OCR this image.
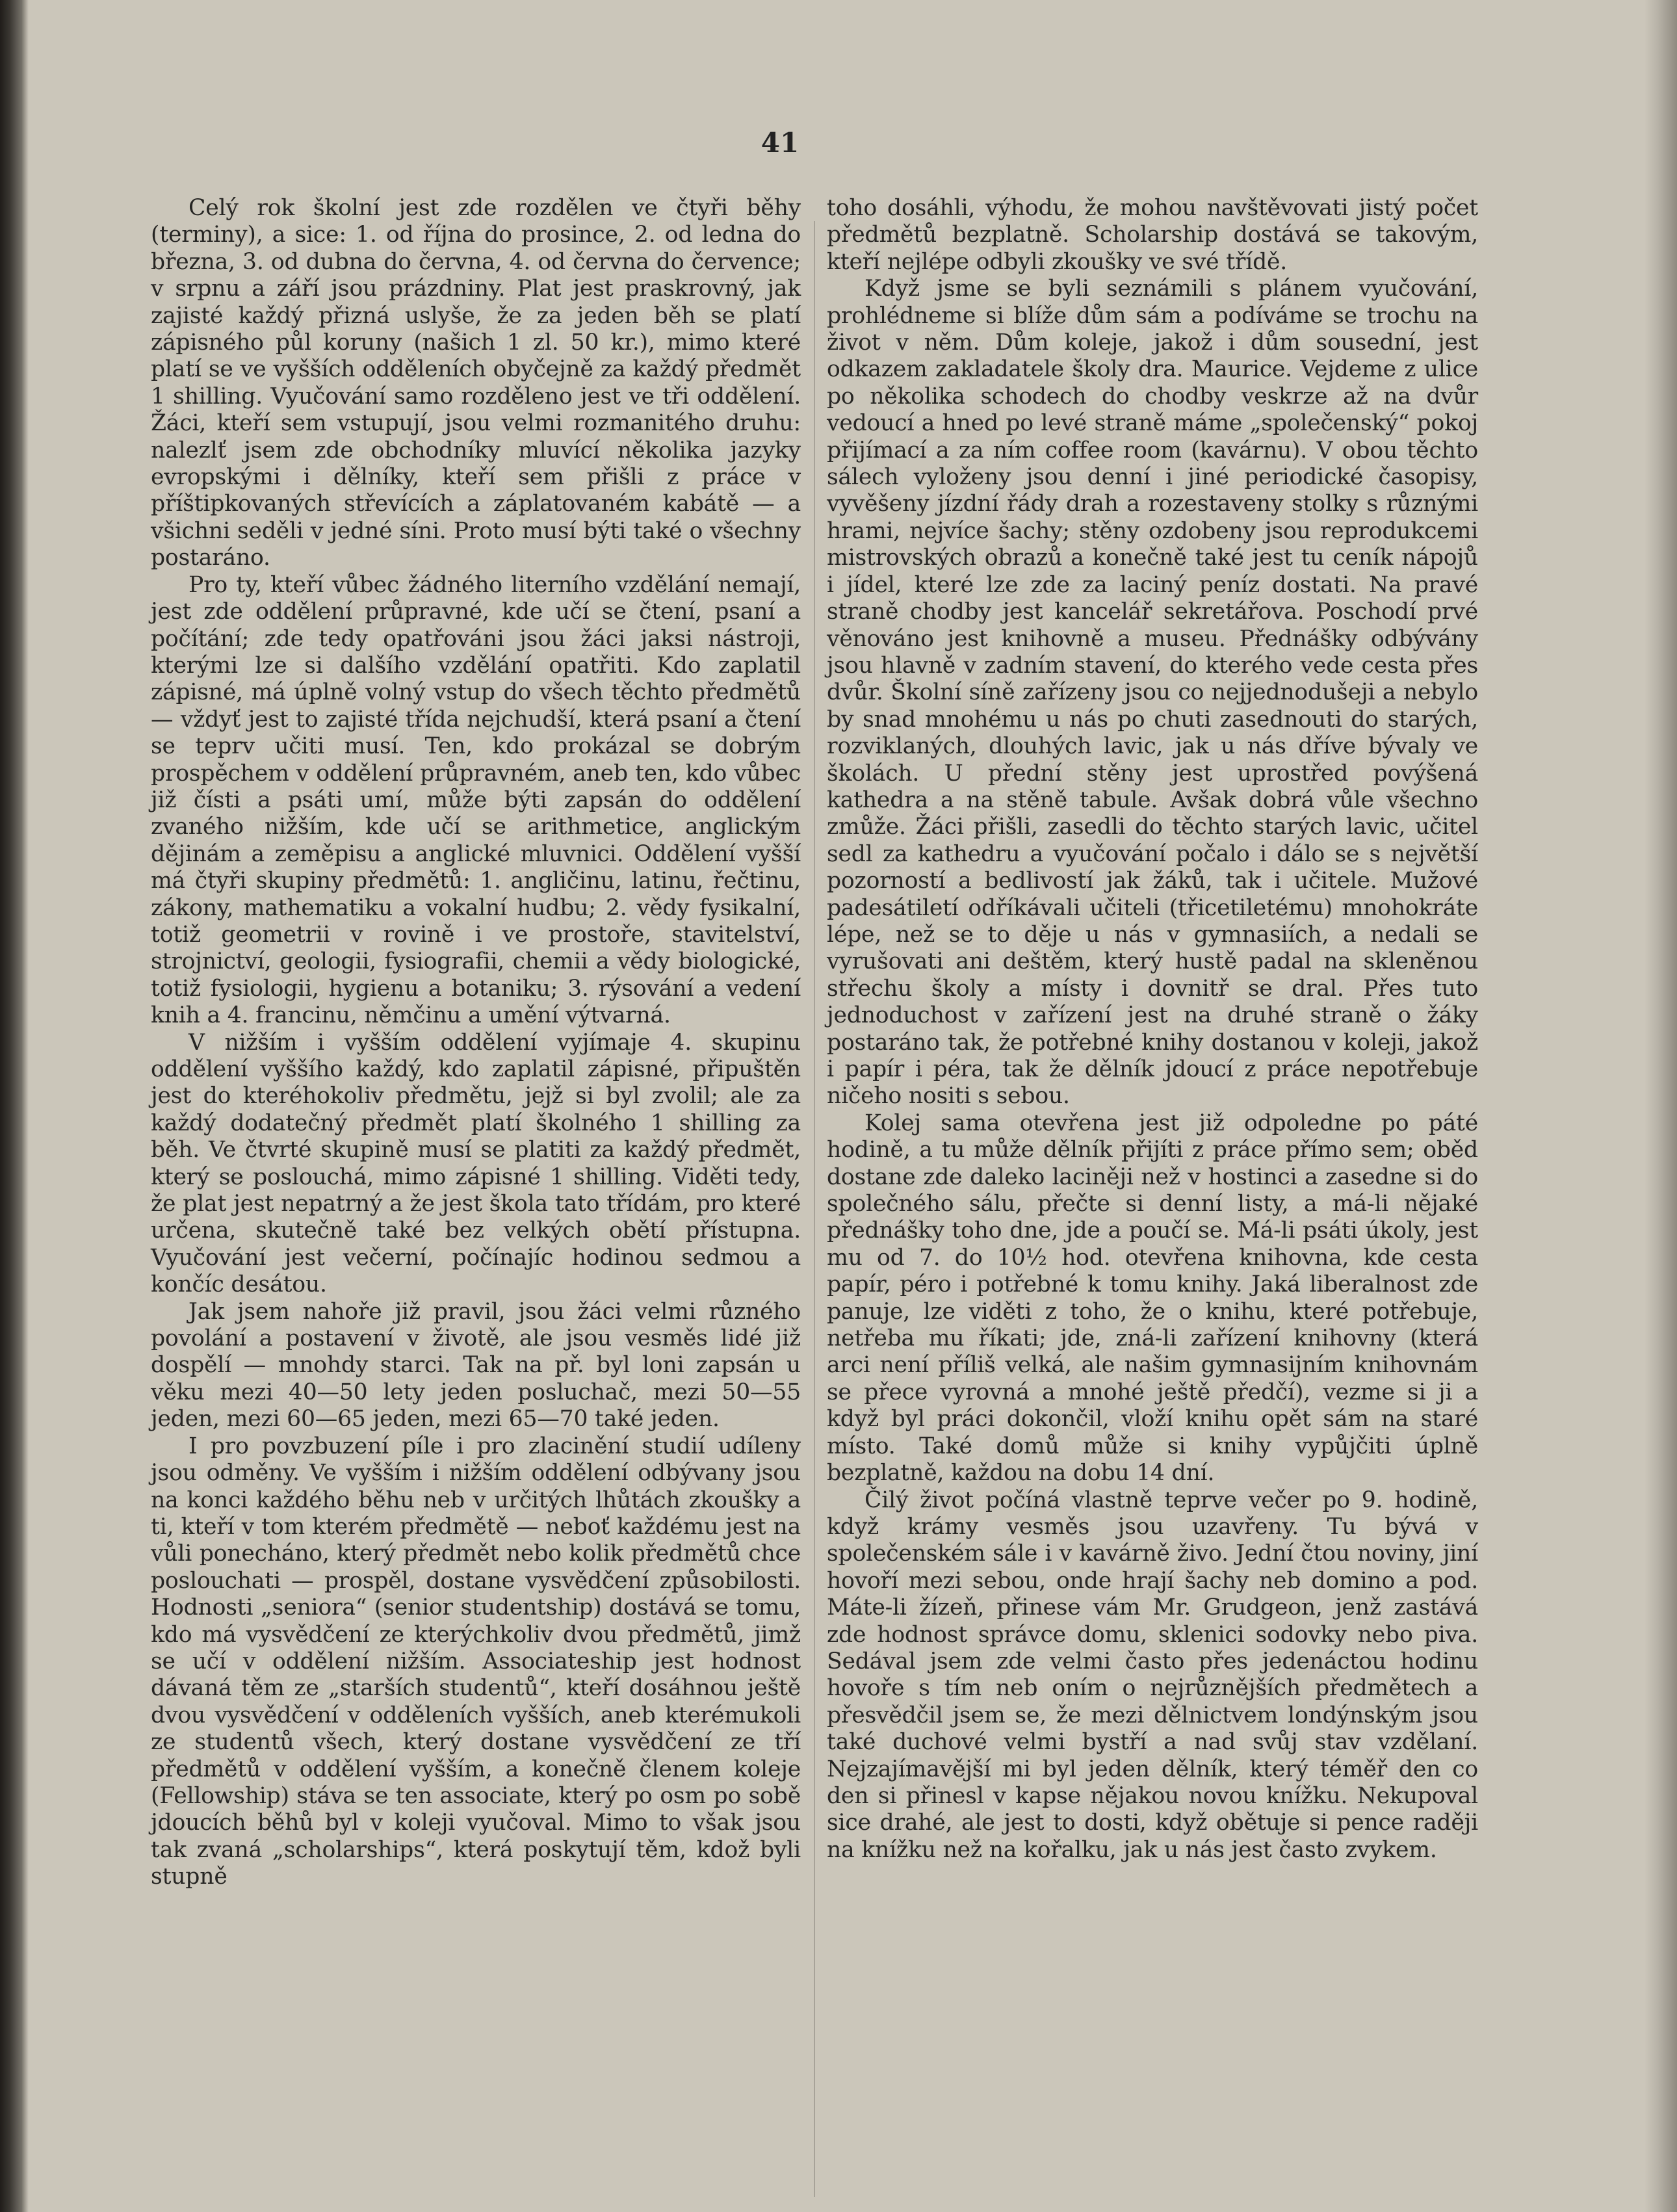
41

Celý rok školní jest zde rozdělen ve čtyři běhy (terminy), a sice: 1. od října do prosince, 2. od ledna do března, 3. od dubna do června, 4. od června do července; v srpnu a září jsou prázdniny. Plat jest praskrovný, jak zajisté každý přizná uslyše, že za jeden běh se platí zápisného půl koruny (našich 1 zl. 50 kr.), mimo které platí se ve vyšších odděleních obyčejně za každý předmět 1 shilling. Vyučování samo rozděleno jest ve tři oddělení. Žáci, kteří sem vstupují, jsou velmi rozmanitého druhu: nalezlť jsem zde obchodníky mluvící několika jazyky evropskými i dělníky, kteří sem přišli z práce v příštipkovaných střevících a záplatovaném kabátě — a všichni seděli v jedné síni. Proto musí býti také o všechny postaráno.

Pro ty, kteří vůbec žádného literního vzdělání nemají, jest zde oddělení průpravné, kde učí se čtení, psaní a počítání; zde tedy opatřováni jsou žáci jaksi nástroji, kterými lze si dalšího vzdělání opatřiti. Kdo zaplatil zápisné, má úplně volný vstup do všech těchto předmětů — vždyť jest to zajisté třída nejchudší, která psaní a čtení se teprv učiti musí. Ten, kdo prokázal se dobrým prospěchem v oddělení průpravném, aneb ten, kdo vůbec již čísti a psáti umí, může býti zapsán do oddělení zvaného nižším, kde učí se arithmetice, anglickým dějinám a zeměpisu a anglické mluvnici. Oddělení vyšší má čtyři skupiny předmětů: 1. angličinu, latinu, řečtinu, zákony, mathematiku a vokalní hudbu; 2. vědy fysikalní, totiž geometrii v rovině i ve prostoře, stavitelství, strojnictví, geologii, fysiografii, chemii a vědy biologické, totiž fysiologii, hygienu a botaniku; 3. rýsování a vedení knih a 4. francinu, němčinu a umění výtvarná.

V nižším i vyšším oddělení vyjímaje 4. skupinu oddělení vyššího každý, kdo zaplatil zápisné, připuštěn jest do kteréhokoliv předmětu, jejž si byl zvolil; ale za každý dodatečný předmět platí školného 1 shilling za běh. Ve čtvrté skupině musí se platiti za každý předmět, který se poslouchá, mimo zápisné 1 shilling. Viděti tedy, že plat jest nepatrný a že jest škola tato třídám, pro které určena, skutečně také bez velkých obětí přístupna. Vyučování jest večerní, počínajíc hodinou sedmou a končíc desátou.

Jak jsem nahoře již pravil, jsou žáci velmi různého povolání a postavení v životě, ale jsou vesměs lidé již dospělí — mnohdy starci. Tak na př. byl loni zapsán u věku mezi 40—50 lety jeden posluchač, mezi 50—55 jeden, mezi 60—65 jeden, mezi 65—70 také jeden.

I pro povzbuzení píle i pro zlacinění studií udíleny jsou odměny. Ve vyšším i nižším oddělení odbývany jsou na konci každého běhu neb v určitých lhůtách zkoušky a ti, kteří v tom kterém předmětě — neboť každému jest na vůli ponecháno, který předmět nebo kolik předmětů chce poslouchati — prospěl, dostane vysvědčení způsobilosti. Hodnosti „seniora“ (senior studentship) dostává se tomu, kdo má vysvědčení ze kterýchkoliv dvou předmětů, jimž se učí v oddělení nižším. Associateship jest hodnost dávaná těm ze „starších studentů“, kteří dosáhnou ještě dvou vysvědčení v odděleních vyšších, aneb kterémukoli ze studentů všech, který dostane vysvědčení ze tří předmětů v oddělení vyšším, a konečně členem koleje (Fellowship) stáva se ten associate, který po osm po sobě jdoucích běhů byl v koleji vyučoval. Mimo to však jsou tak zvaná „scholarships“, která poskytují těm, kdož byli stupně

toho dosáhli, výhodu, že mohou navštěvovati jistý počet předmětů bezplatně. Scholarship dostává se takovým, kteří nejlépe odbyli zkoušky ve své třídě.

Když jsme se byli seznámili s plánem vyučování, prohlédneme si blíže dům sám a podíváme se trochu na život v něm. Dům koleje, jakož i dům sousední, jest odkazem zakladatele školy dra. Maurice. Vejdeme z ulice po několika schodech do chodby veskrze až na dvůr vedoucí a hned po levé straně máme „společenský“ pokoj přijímací a za ním coffee room (kavárnu). V obou těchto sálech vyloženy jsou denní i jiné periodické časopisy, vyvěšeny jízdní řády drah a rozestaveny stolky s různými hrami, nejvíce šachy; stěny ozdobeny jsou reprodukcemi mistrovských obrazů a konečně také jest tu ceník nápojů i jídel, které lze zde za laciný peníz dostati. Na pravé straně chodby jest kancelář sekretářova. Poschodí prvé věnováno jest knihovně a museu. Přednášky odbývány jsou hlavně v zadním stavení, do kterého vede cesta přes dvůr. Školní síně zařízeny jsou co nejjednodušeji a nebylo by snad mnohému u nás po chuti zasednouti do starých, rozviklaných, dlouhých lavic, jak u nás dříve bývaly ve školách. U přední stěny jest uprostřed povýšená kathedra a na stěně tabule. Avšak dobrá vůle všechno zmůže. Žáci přišli, zasedli do těchto starých lavic, učitel sedl za kathedru a vyučování počalo i dálo se s největší pozorností a bedlivostí jak žáků, tak i učitele. Mužové padesátiletí odříkávali učiteli (třicetiletému) mnohokráte lépe, než se to děje u nás v gymnasiích, a nedali se vyrušovati ani deštěm, který hustě padal na skleněnou střechu školy a místy i dovnitř se dral. Přes tuto jednoduchost v zařízení jest na druhé straně o žáky postaráno tak, že potřebné knihy dostanou v koleji, jakož i papír i péra, tak že dělník jdoucí z práce nepotřebuje ničeho nositi s sebou.

Kolej sama otevřena jest již odpoledne po páté hodině, a tu může dělník přijíti z práce přímo sem; oběd dostane zde daleko laciněji než v hostinci a zasedne si do společného sálu, přečte si denní listy, a má-li nějaké přednášky toho dne, jde a poučí se. Má-li psáti úkoly, jest mu od 7. do 10½ hod. otevřena knihovna, kde cesta papír, péro i potřebné k tomu knihy. Jaká liberalnost zde panuje, lze viděti z toho, že o knihu, které potřebuje, netřeba mu říkati; jde, zná-li zařízení knihovny (která arci není příliš velká, ale našim gymnasijním knihovnám se přece vyrovná a mnohé ještě předčí), vezme si ji a když byl práci dokončil, vloží knihu opět sám na staré místo. Také domů může si knihy vypůjčiti úplně bezplatně, každou na dobu 14 dní.

Čilý život počíná vlastně teprve večer po 9. hodině, když krámy vesměs jsou uzavřeny. Tu bývá v společenském sále i v kavárně živo. Jední čtou noviny, jiní hovoří mezi sebou, onde hrají šachy neb domino a pod. Máte-li žízeň, přinese vám Mr. Grudgeon, jenž zastává zde hodnost správce domu, sklenici sodovky nebo piva. Sedával jsem zde velmi často přes jedenáctou hodinu hovoře s tím neb oním o nejrůznějších předmětech a přesvědčil jsem se, že mezi dělnictvem londýnským jsou také duchové velmi bystří a nad svůj stav vzdělaní. Nejzajímavější mi byl jeden dělník, který téměř den co den si přinesl v kapse nějakou novou knížku. Nekupoval sice drahé, ale jest to dosti, když obětuje si pence raději na knížku než na kořalku, jak u nás jest často zvykem.
